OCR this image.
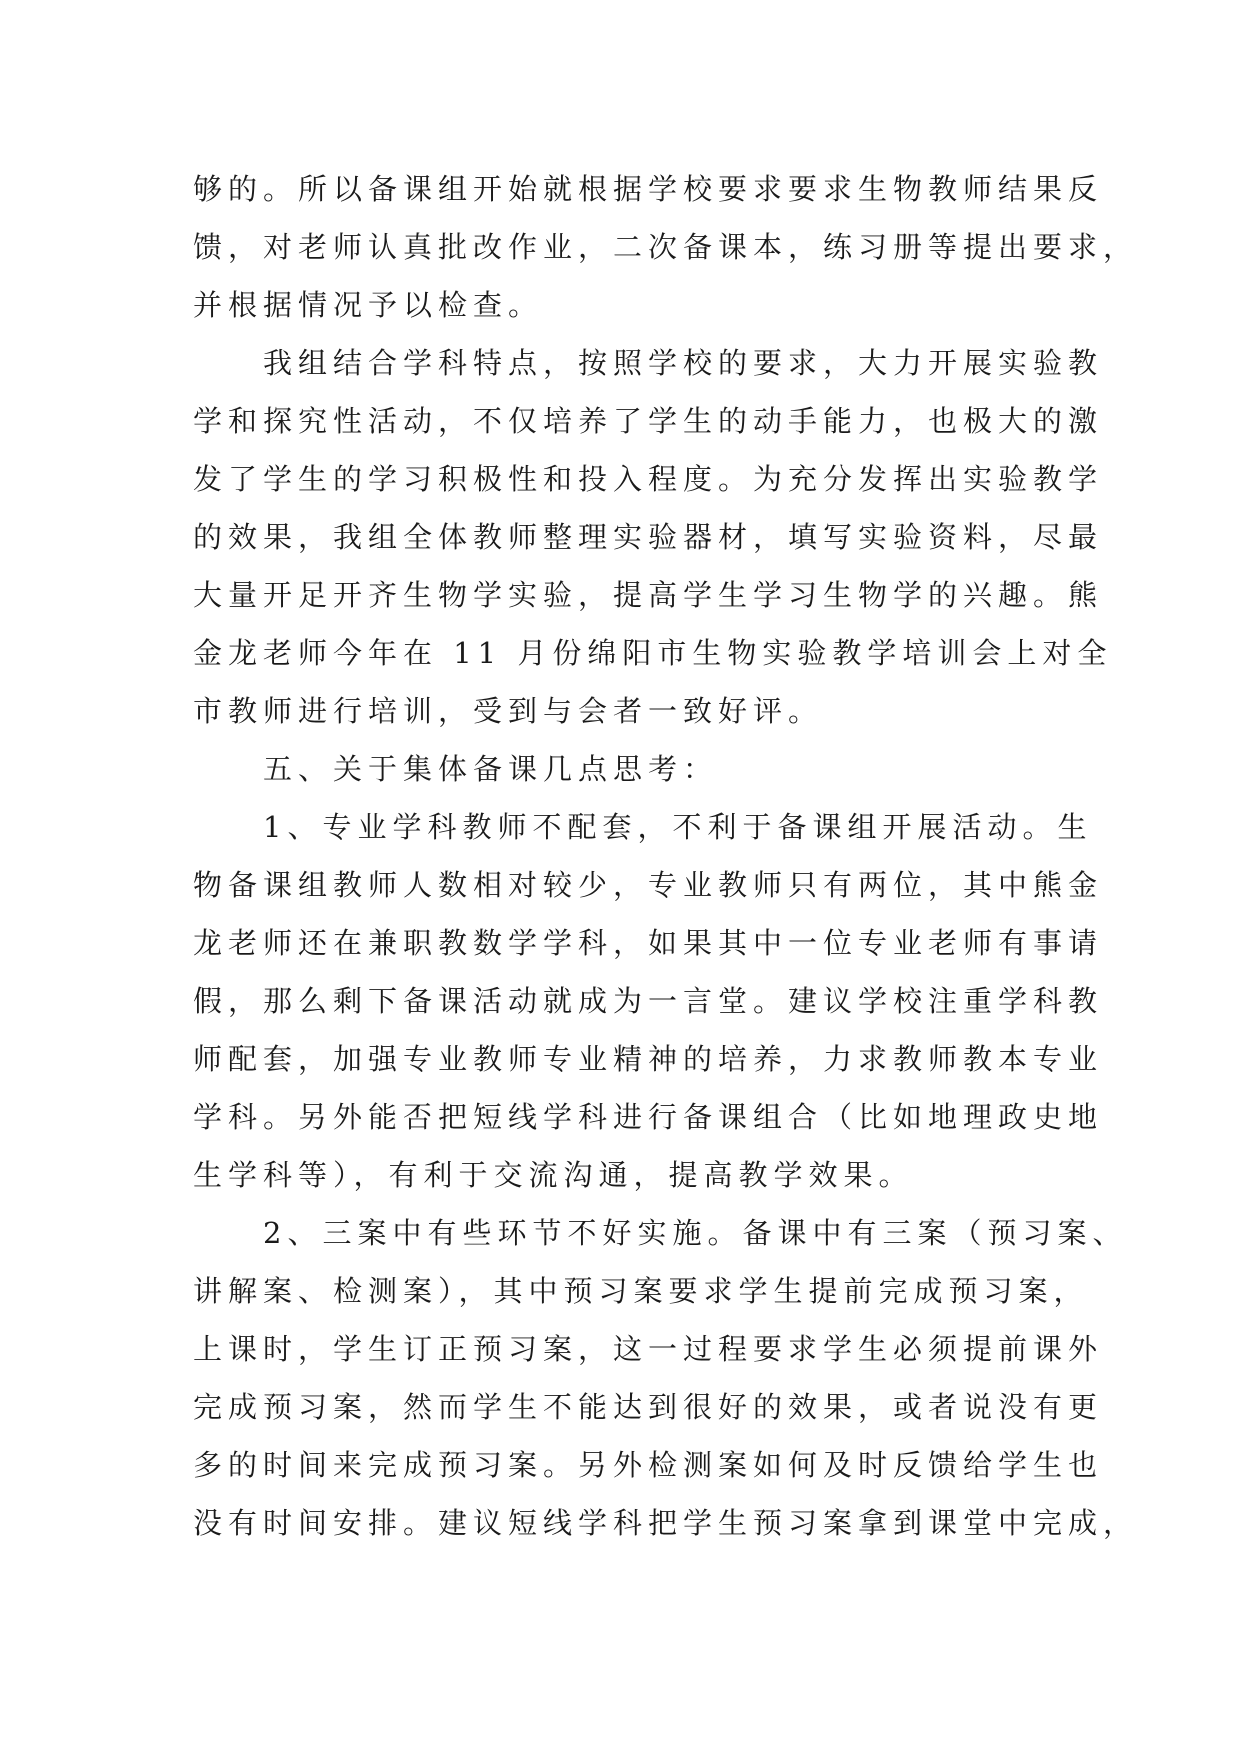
够的。所以备课组开始就根据学校要求要求生物教师结果反
馈，对老师认真批改作业，二次备课本，练习册等提出要求，
并根据情况予以检查。
　　我组结合学科特点，按照学校的要求，大力开展实验教
学和探究性活动，不仅培养了学生的动手能力，也极大的激
发了学生的学习积极性和投入程度。为充分发挥出实验教学
的效果，我组全体教师整理实验器材，填写实验资料，尽最
大量开足开齐生物学实验，提高学生学习生物学的兴趣。熊
金龙老师今年在 11 月份绵阳市生物实验教学培训会上对全
市教师进行培训，受到与会者一致好评。
　　五、关于集体备课几点思考：
　　1、专业学科教师不配套，不利于备课组开展活动。生
物备课组教师人数相对较少，专业教师只有两位，其中熊金
龙老师还在兼职教数学学科，如果其中一位专业老师有事请
假，那么剩下备课活动就成为一言堂。建议学校注重学科教
师配套，加强专业教师专业精神的培养，力求教师教本专业
学科。另外能否把短线学科进行备课组合（比如地理政史地
生学科等），有利于交流沟通，提高教学效果。
　　2、三案中有些环节不好实施。备课中有三案（预习案、
讲解案、检测案），其中预习案要求学生提前完成预习案，
上课时，学生订正预习案，这一过程要求学生必须提前课外
完成预习案，然而学生不能达到很好的效果，或者说没有更
多的时间来完成预习案。另外检测案如何及时反馈给学生也
没有时间安排。建议短线学科把学生预习案拿到课堂中完成，
